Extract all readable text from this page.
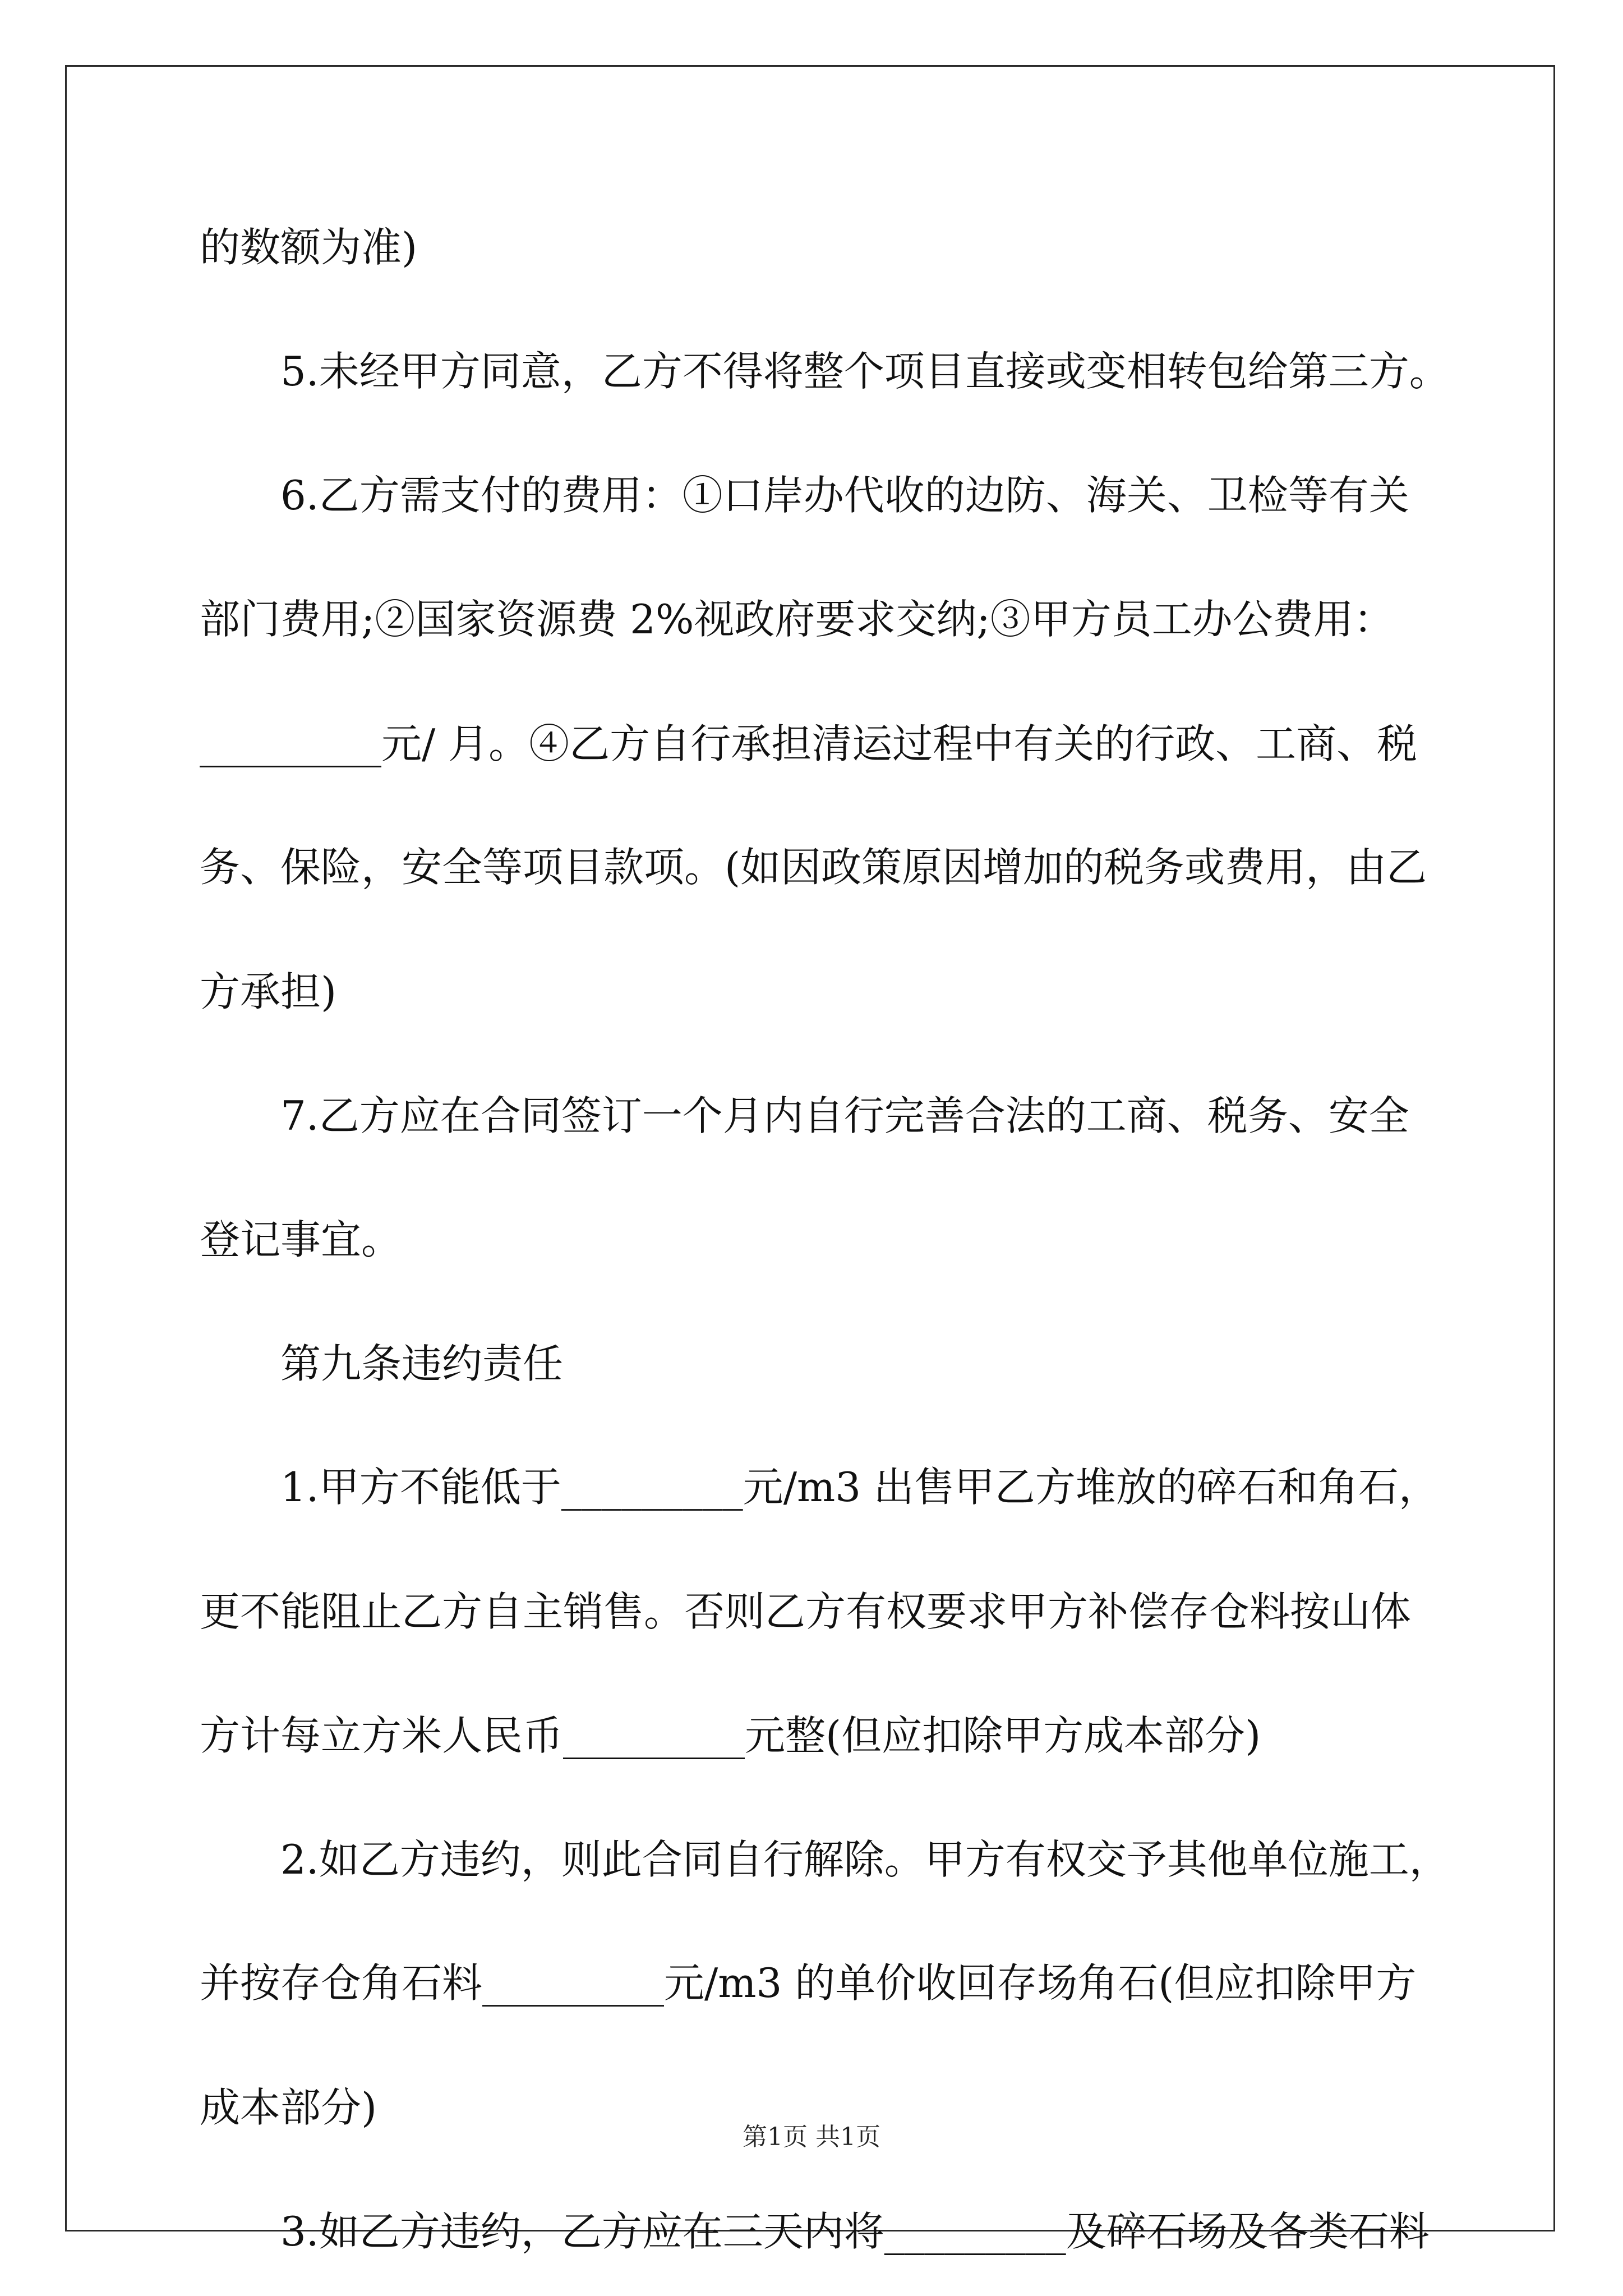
的数额为准)
5.未经甲方同意，乙方不得将整个项目直接或变相转包给第三方。
6.乙方需支付的费用：①口岸办代收的边防、海关、卫检等有关
部门费用;②国家资源费 2%视政府要求交纳;③甲方员工办公费用：
_________元/ 月。④乙方自行承担清运过程中有关的行政、工商、税
务、保险，安全等项目款项。(如因政策原因增加的税务或费用，由乙
方承担)
7.乙方应在合同签订一个月内自行完善合法的工商、税务、安全
登记事宜。
第九条违约责任
1.甲方不能低于_________元/m3 出售甲乙方堆放的碎石和角石，
更不能阻止乙方自主销售。否则乙方有权要求甲方补偿存仓料按山体
方计每立方米人民币_________元整(但应扣除甲方成本部分)
2.如乙方违约，则此合同自行解除。甲方有权交予其他单位施工，
并按存仓角石料_________元/m3 的单价收回存场角石(但应扣除甲方
成本部分)
3.如乙方违约，乙方应在三天内将_________及碎石场及各类石料
第1页 共1页
